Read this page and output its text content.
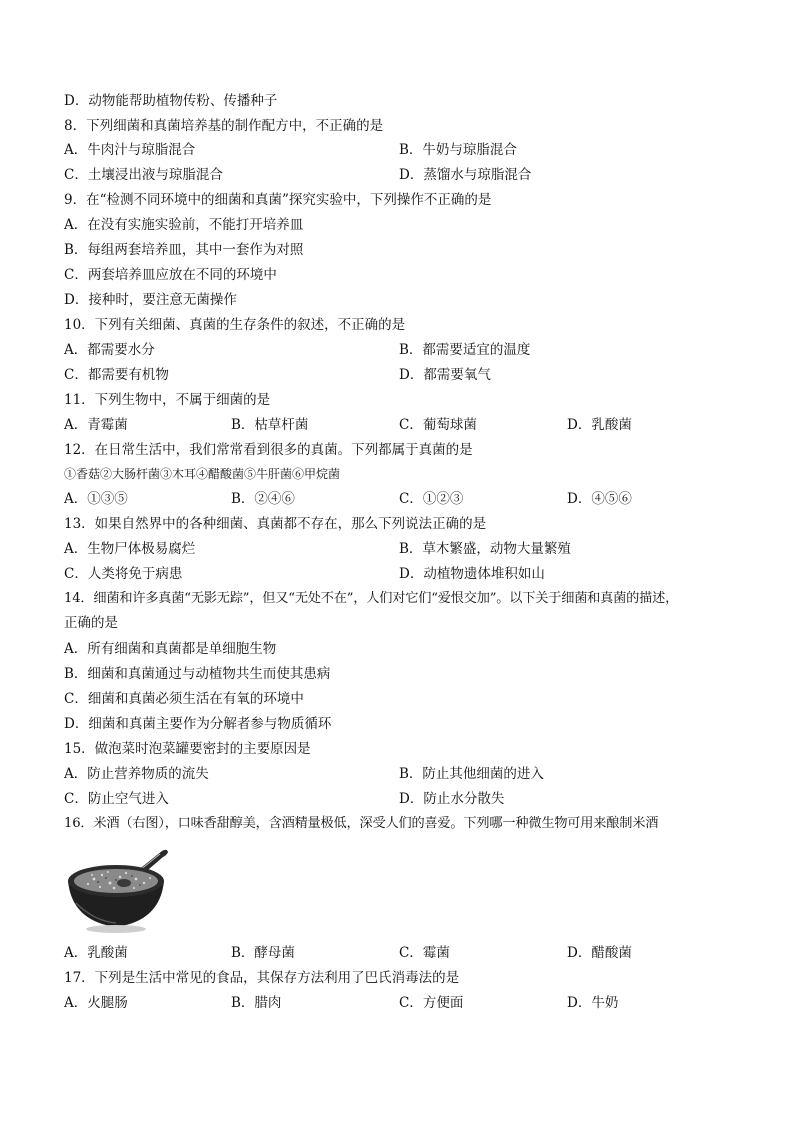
D．动物能帮助植物传粉、传播种子
8．下列细菌和真菌培养基的制作配方中，不正确的是
A．牛肉汁与琼脂混合	B．牛奶与琼脂混合
C．土壤浸出液与琼脂混合	D．蒸馏水与琼脂混合
9．在“检测不同环境中的细菌和真菌”探究实验中，下列操作不正确的是
A．在没有实施实验前，不能打开培养皿
B．每组两套培养皿，其中一套作为对照
C．两套培养皿应放在不同的环境中
D．接种时，要注意无菌操作
10．下列有关细菌、真菌的生存条件的叙述，不正确的是
A．都需要水分	B．都需要适宜的温度
C．都需要有机物	D．都需要氧气
11．下列生物中，不属于细菌的是
A．青霉菌	B．枯草杆菌	C．葡萄球菌	D．乳酸菌
12．在日常生活中，我们常常看到很多的真菌。下列都属于真菌的是
①香菇②大肠杆菌③木耳④醋酸菌⑤牛肝菌⑥甲烷菌
A．①③⑤	B．②④⑥	C．①②③	D．④⑤⑥
13．如果自然界中的各种细菌、真菌都不存在，那么下列说法正确的是
A．生物尸体极易腐烂	B．草木繁盛，动物大量繁殖
C．人类将免于病患	D．动植物遗体堆积如山
14．细菌和许多真菌“无影无踪”，但又“无处不在”，人们对它们“爱恨交加”。以下关于细菌和真菌的描述，
正确的是
A．所有细菌和真菌都是单细胞生物
B．细菌和真菌通过与动植物共生而使其患病
C．细菌和真菌必须生活在有氧的环境中
D．细菌和真菌主要作为分解者参与物质循环
15．做泡菜时泡菜罐要密封的主要原因是
A．防止营养物质的流失	B．防止其他细菌的进入
C．防止空气进入	D．防止水分散失
16．米酒（右图），口味香甜醇美，含酒精量极低，深受人们的喜爱。下列哪一种微生物可用来酿制米酒
A．乳酸菌	B．酵母菌	C．霉菌	D．醋酸菌
17．下列是生活中常见的食品，其保存方法利用了巴氏消毒法的是
A．火腿肠	B．腊肉	C．方便面	D．牛奶
